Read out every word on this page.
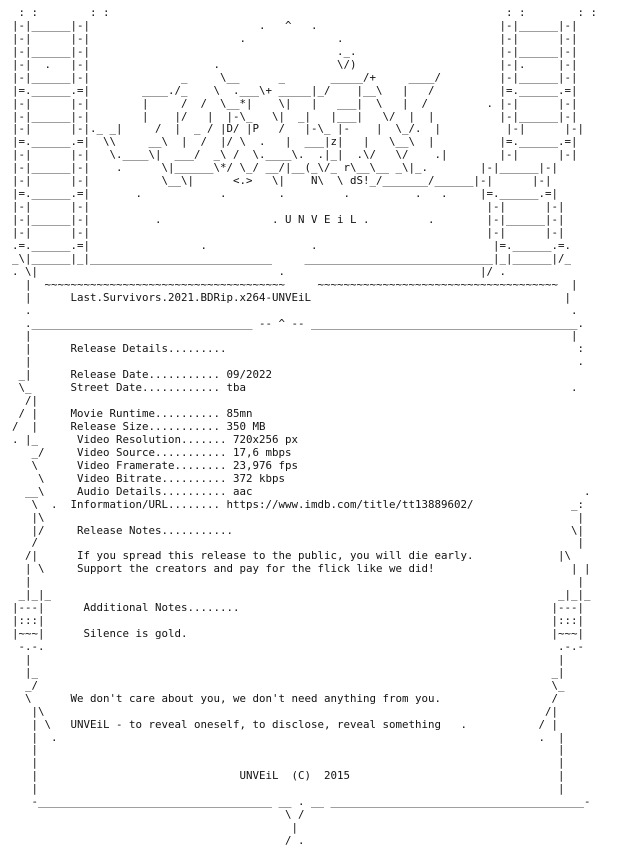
: :        : :                                                             : :        : :
|-|______|-|                          .   ^   .                            |-|______|-|
|-|      |-|                       .              .                        |-|      |-|
|-|______|-|                                      ._.                      |-|______|-|
|-|  .   |-|                   .                  \/)                      |-|.     |-|
|-|______|-|              _     \__      _       _____/+     ____/         |-|______|-|
|=.______.=|        ____./_    \  .___\+ _____|_/    |__\   |   /          |=.______.=|
|-|      |-|        |     /  /  \__*|    \|   |   ___|  \   |  /         . |-|      |-|
|-|______|-|        |    |/   |  |-\_   \|  _|   |___|   \/  |  |          |-|______|-|
|-|      |-|._ _|     /  |  _ / |D/ |P   /   |-\_ |-    |  \_/.  |          |-|      |-|
|=.______.=|  \\     __\  |  /  |/ \  .   |  ___|z|   |   \__\  |          |=.______.=|
|-|      |-|   \.____\|  ___/  _\ /  \.____\.  .|_|  .\/   \/    .|        |-|      |-|
|-|______|-|    .      \|______\*/ \_/ __/|__(_\/_ r\__\__ _\|_.        |-|______|-|
|-|      |-|           \__\|      <.>   \|    N\  \ dS!_/_______/______|-|      |-|
|=.______.=|       .            .        .         .          .   .     |=.______.=|
|-|      |-|                                                             |-|      |-|
|-|______|-|          .                 . U N V E i L .         .        |-|______|-|
|-|      |-|                                                             |-|      |-|
.=.______.=|                 .                .                           |=.______.=.
_\|______|_|____________________________     _____________________________|_|______|/_
. \|                                     .                              |/ .
|  ~~~~~~~~~~~~~~~~~~~~~~~~~~~~~~~~~~~~~     ~~~~~~~~~~~~~~~~~~~~~~~~~~~~~~~~~~~~~  |
|      Last.Survivors.2021.BDRip.x264-UNVEiL                                       |
.                                                                                   .
.__________________________________ -- ^ -- _________________________________________.
|                                                                                   |
|      Release Details.........                                                      :
|                                                                                    .
_|      Release Date........... 09/2022
\_      Street Date............ tba                                                  .
/|
/ |     Movie Runtime.......... 85mn
/  |     Release Size........... 350 MB
. |_      Video Resolution....... 720x256 px
_/     Video Source........... 17,6 mbps
\      Video Framerate........ 23,976 fps
\     Video Bitrate.......... 372 kbps
__\     Audio Details.......... aac                                                   .
\  .  Information/URL........ https://www.imdb.com/title/tt13889602/               _:
|\                                                                                  |
|/     Release Notes...........                                                    \|
/                                                                                   |
/|      If you spread this release to the public, you will die early.             |\
| \     Support the creators and pay for the flick like we did!                     | |
|                                                                                    |
_|_|_                                                                              _|_|_
|---|      Additional Notes........                                                |---|
|:::|                                                                              |:::|
|~~~|      Silence is gold.                                                        |~~~|
-.-.                                                                               .-.-
|                                                                                 |
|_                                                                               _|
_/                                                                               \_
\      We don't care about you, we don't need anything from you.                 /
|\                                                                             /|
| \   UNVEiL - to reveal oneself, to disclose, reveal something   .           / |
|  .                                                                          .  |
|                                                                                |
|                                                                                |
|                               UNVEiL  (C)  2015                                |
|                                                                                |
-____________________________________ __ . __ _______________________________________-
\ /
|
/ .
